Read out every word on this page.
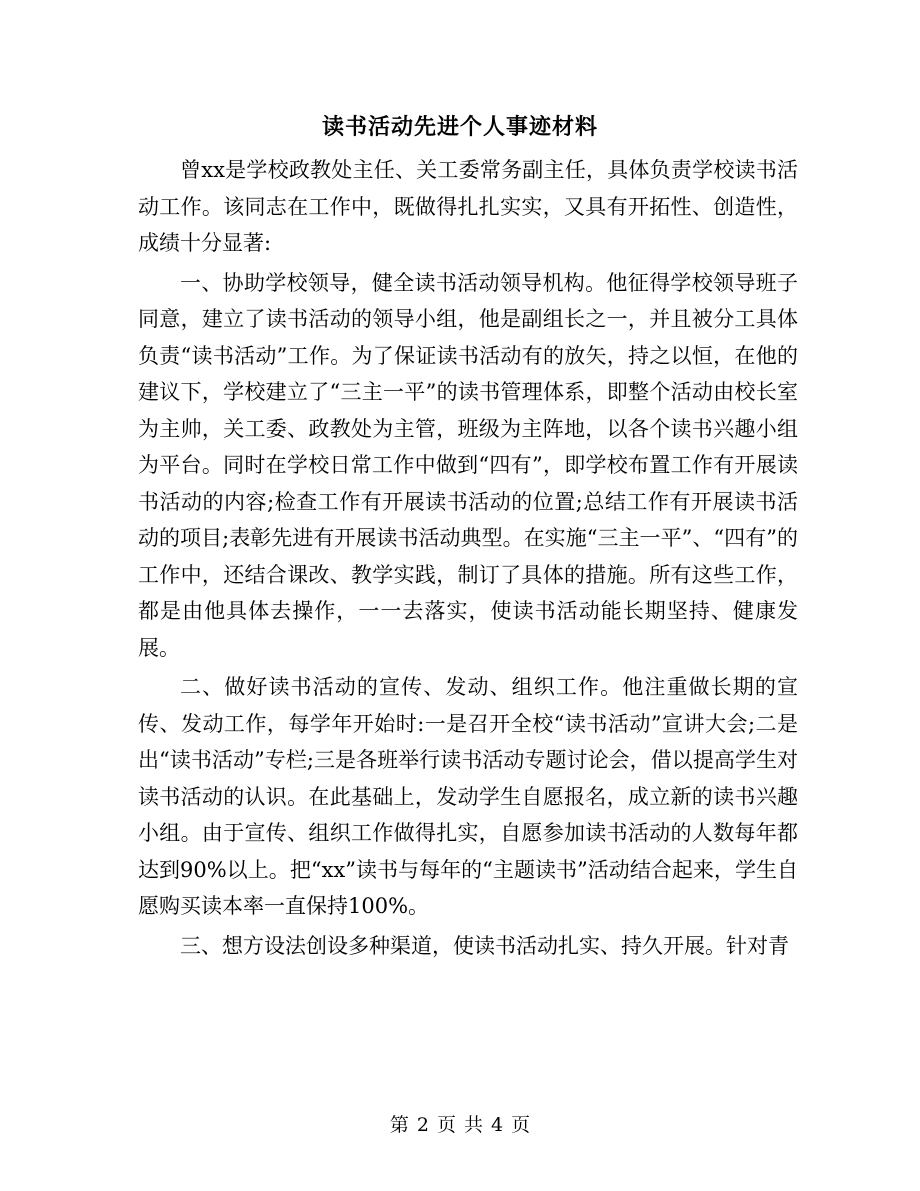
读书活动先进个人事迹材料

曾xx是学校政教处主任、关工委常务副主任，具体负责学校读书活动工作。该同志在工作中，既做得扎扎实实，又具有开拓性、创造性，成绩十分显著:

一、协助学校领导，健全读书活动领导机构。他征得学校领导班子同意，建立了读书活动的领导小组，他是副组长之一，并且被分工具体负责“读书活动”工作。为了保证读书活动有的放矢，持之以恒，在他的建议下，学校建立了“三主一平”的读书管理体系，即整个活动由校长室为主帅，关工委、政教处为主管，班级为主阵地，以各个读书兴趣小组为平台。同时在学校日常工作中做到“四有”，即学校布置工作有开展读书活动的内容;检查工作有开展读书活动的位置;总结工作有开展读书活动的项目;表彰先进有开展读书活动典型。在实施“三主一平”、“四有”的工作中，还结合课改、教学实践，制订了具体的措施。所有这些工作，都是由他具体去操作，一一去落实，使读书活动能长期坚持、健康发展。

二、做好读书活动的宣传、发动、组织工作。他注重做长期的宣传、发动工作，每学年开始时:一是召开全校“读书活动”宣讲大会;二是出“读书活动”专栏;三是各班举行读书活动专题讨论会，借以提高学生对读书活动的认识。在此基础上，发动学生自愿报名，成立新的读书兴趣小组。由于宣传、组织工作做得扎实，自愿参加读书活动的人数每年都达到90%以上。把“xx”读书与每年的“主题读书”活动结合起来，学生自愿购买读本率一直保持100%。

三、想方设法创设多种渠道，使读书活动扎实、持久开展。针对青

第 2 页 共 4 页
